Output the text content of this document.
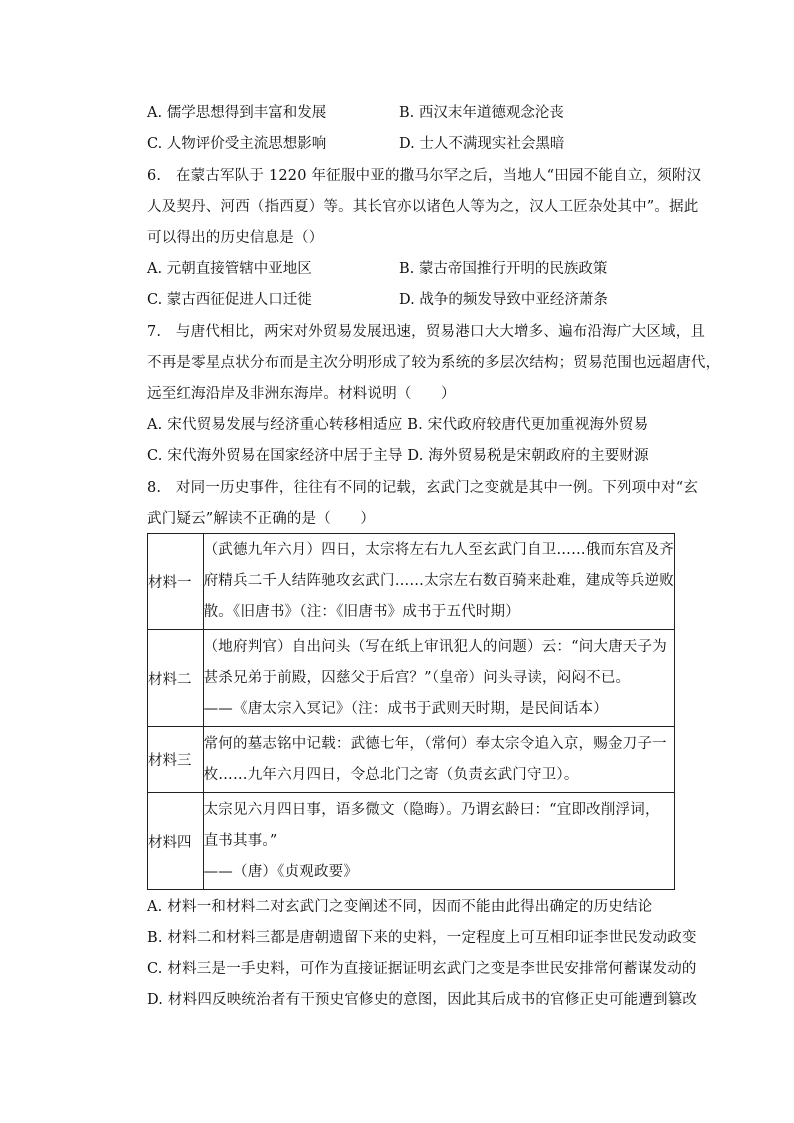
A. 儒学思想得到丰富和发展	B. 西汉末年道德观念沦丧
C. 人物评价受主流思想影响	D. 士人不满现实社会黑暗
6.　在蒙古军队于 1220 年征服中亚的撒马尔罕之后，当地人“田园不能自立，须附汉
人及契丹、河西（指西夏）等。其长官亦以诸色人等为之，汉人工匠杂处其中”。据此
可以得出的历史信息是（）
A. 元朝直接管辖中亚地区	B. 蒙古帝国推行开明的民族政策
C. 蒙古西征促进人口迁徙	D. 战争的频发导致中亚经济萧条
7.　与唐代相比，两宋对外贸易发展迅速，贸易港口大大增多、遍布沿海广大区域，且
不再是零星点状分布而是主次分明形成了较为系统的多层次结构；贸易范围也远超唐代，
远至红海沿岸及非洲东海岸。材料说明（　　）
A. 宋代贸易发展与经济重心转移相适应 B. 宋代政府较唐代更加重视海外贸易
C. 宋代海外贸易在国家经济中居于主导 D. 海外贸易税是宋朝政府的主要财源
8.　对同一历史事件，往往有不同的记载，玄武门之变就是其中一例。下列项中对“玄
武门疑云”解读不正确的是（　　）
材料一	（武德九年六月）四日，太宗将左右九人至玄武门自卫……俄而东宫及齐
府精兵二千人结阵驰攻玄武门……太宗左右数百骑来赴难，建成等兵逆败
散。《旧唐书》（注：《旧唐书》成书于五代时期）

材料二	（地府判官）自出问头（写在纸上审讯犯人的问题）云：“问大唐天子为
甚杀兄弟于前殿，囚慈父于后宫？”（皇帝）问头寻读，闷闷不已。
——《唐太宗入冥记》（注：成书于武则天时期，是民间话本）

材料三	常何的墓志铭中记载：武德七年，（常何）奉太宗令追入京，赐金刀子一
枚……九年六月四日，令总北门之寄（负责玄武门守卫）。

材料四	太宗见六月四日事，语多微文（隐晦）。乃谓玄龄曰：“宜即改削浮词，
直书其事。”
——（唐）《贞观政要》
A. 材料一和材料二对玄武门之变阐述不同，因而不能由此得出确定的历史结论
B. 材料二和材料三都是唐朝遗留下来的史料，一定程度上可互相印证李世民发动政变
C. 材料三是一手史料，可作为直接证据证明玄武门之变是李世民安排常何蓄谋发动的
D. 材料四反映统治者有干预史官修史的意图，因此其后成书的官修正史可能遭到篡改
